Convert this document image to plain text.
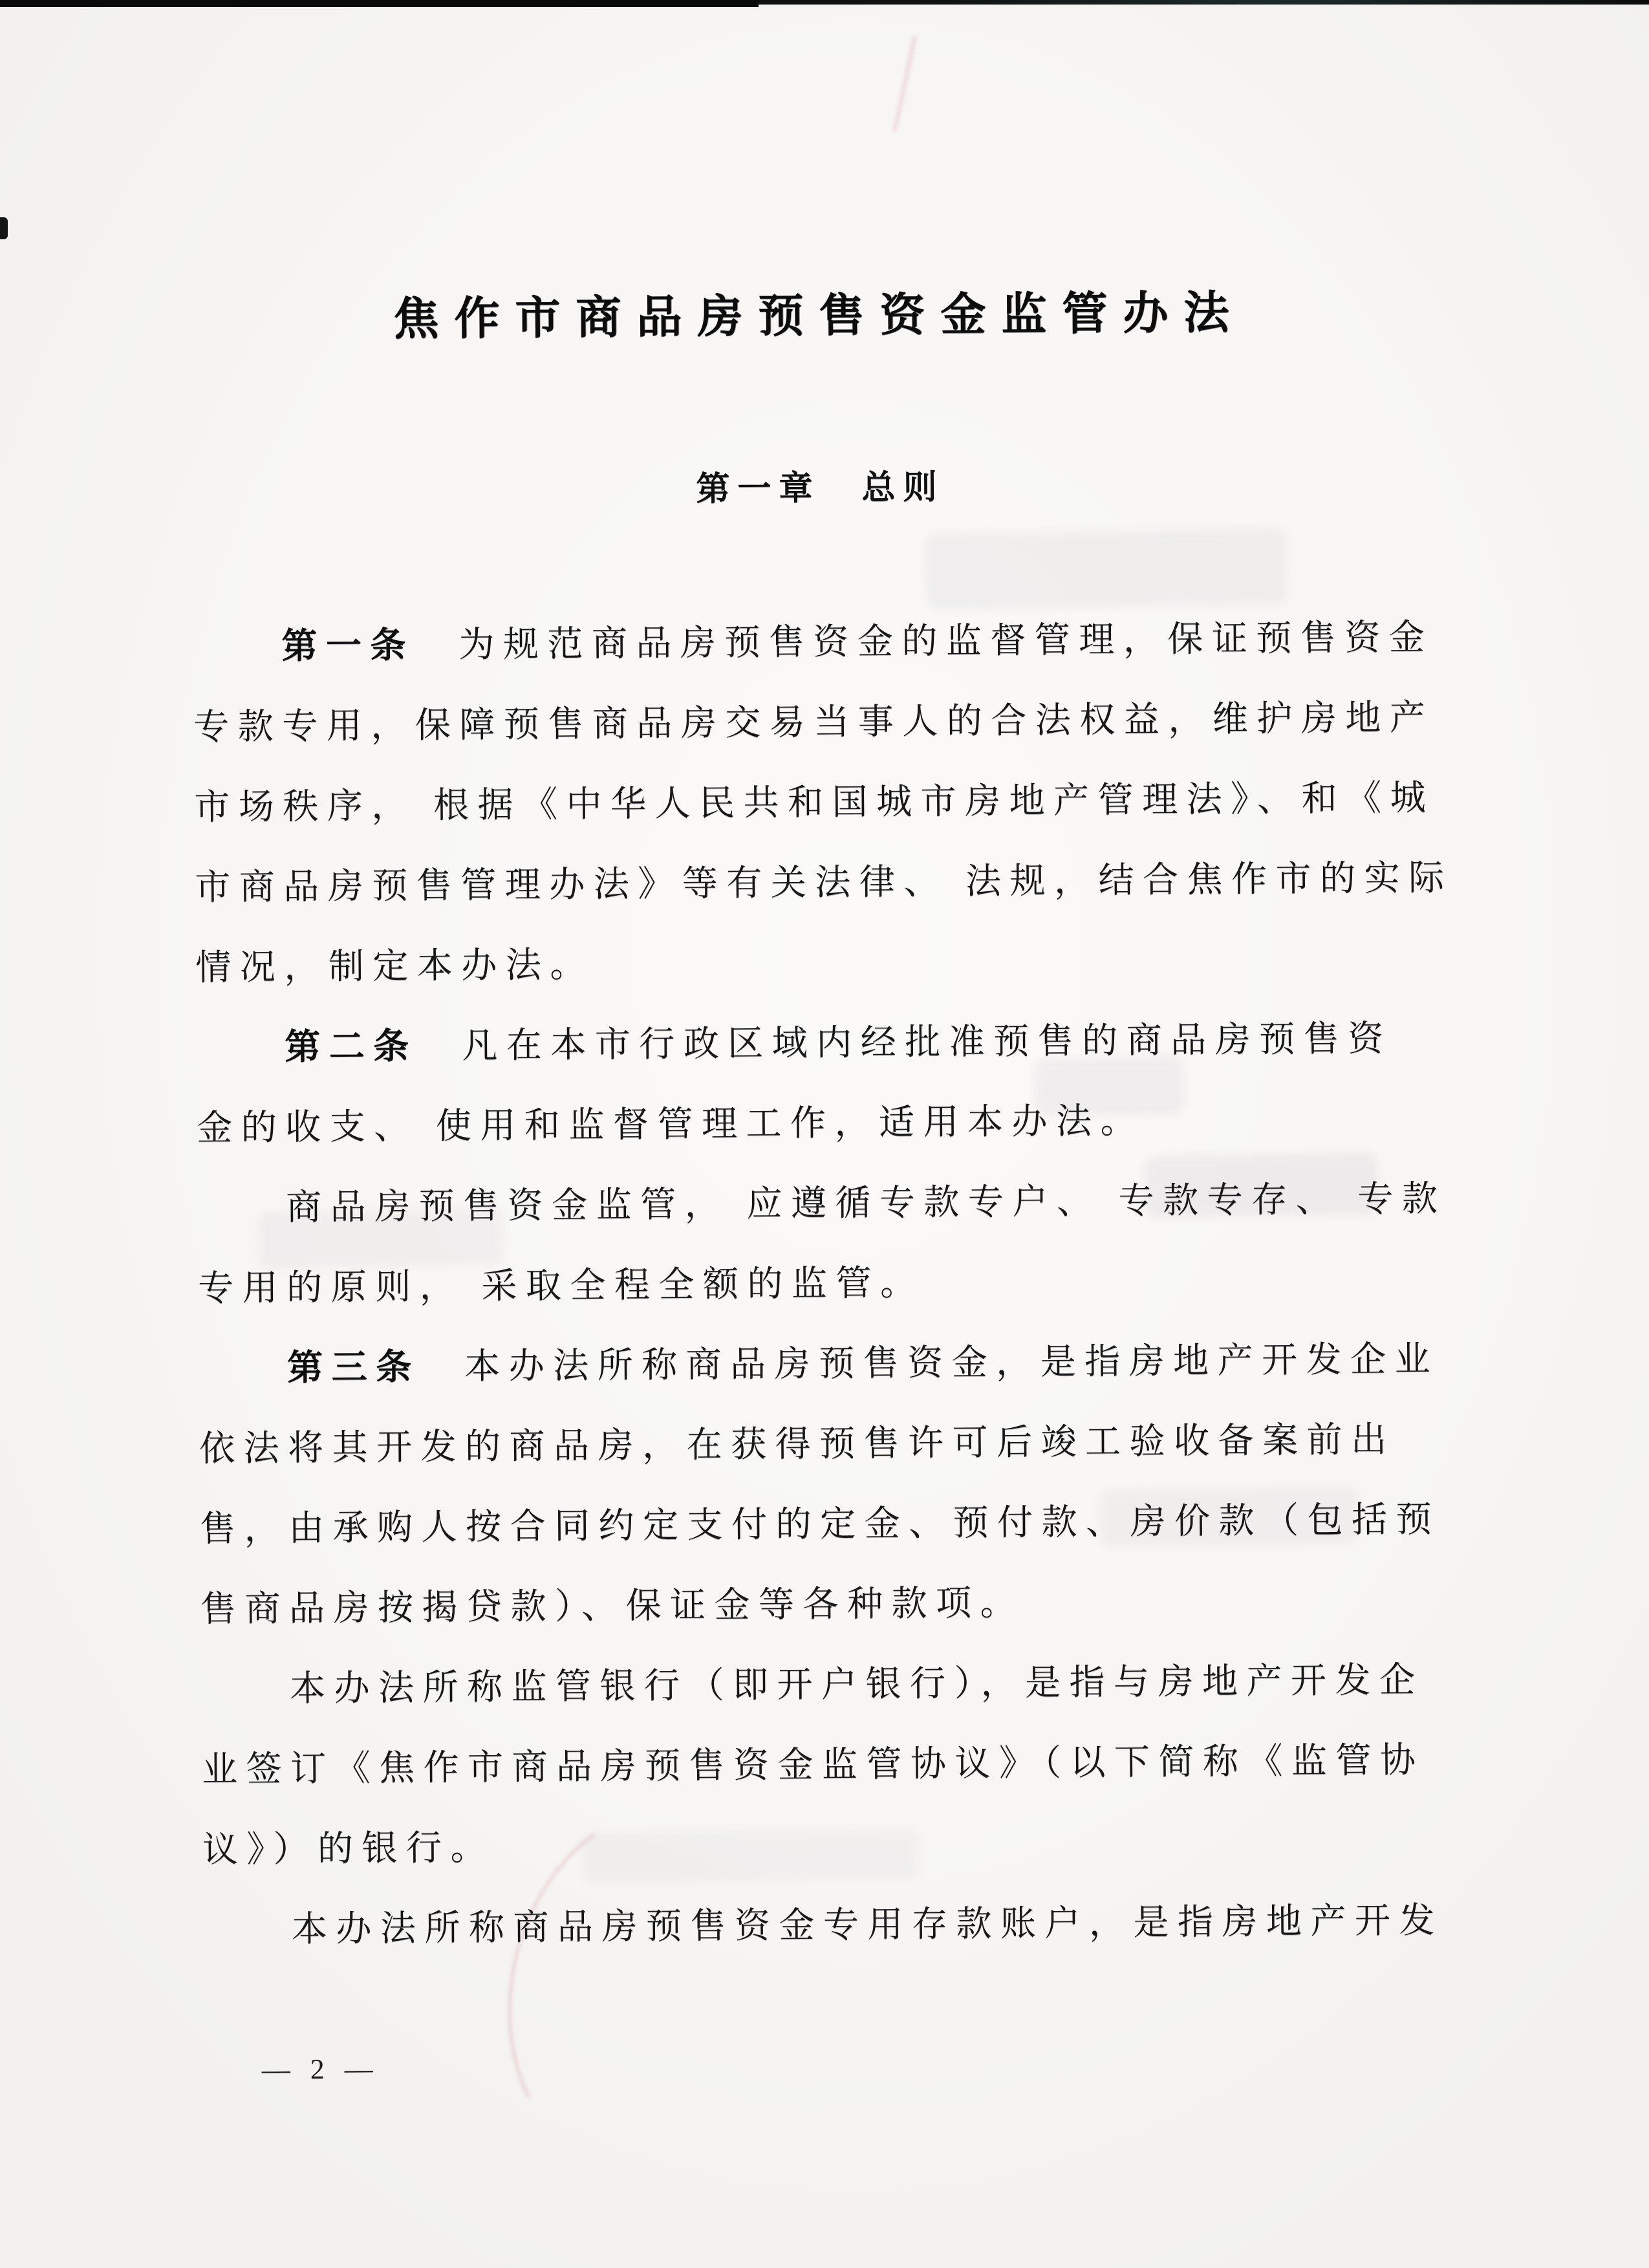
焦作市商品房预售资金监管办法
第一章　总则
　　第一条　为规范商品房预售资金的监督管理，保证预售资金
专款专用，保障预售商品房交易当事人的合法权益，维护房地产
市场秩序， 根据《中华人民共和国城市房地产管理法》、和《城
市商品房预售管理办法》等有关法律、 法规，结合焦作市的实际
情况，制定本办法。
　　第二条　凡在本市行政区域内经批准预售的商品房预售资
金的收支、 使用和监督管理工作，适用本办法。
　　商品房预售资金监管， 应遵循专款专户、 专款专存、 专款
专用的原则， 采取全程全额的监管。
　　第三条　本办法所称商品房预售资金，是指房地产开发企业
依法将其开发的商品房，在获得预售许可后竣工验收备案前出
售，由承购人按合同约定支付的定金、预付款、房价款（包括预
售商品房按揭贷款）、保证金等各种款项。
　　本办法所称监管银行（即开户银行），是指与房地产开发企
业签订《焦作市商品房预售资金监管协议》（以下简称《监管协
议》）的银行。
　　本办法所称商品房预售资金专用存款账户，是指房地产开发
— 2 —
